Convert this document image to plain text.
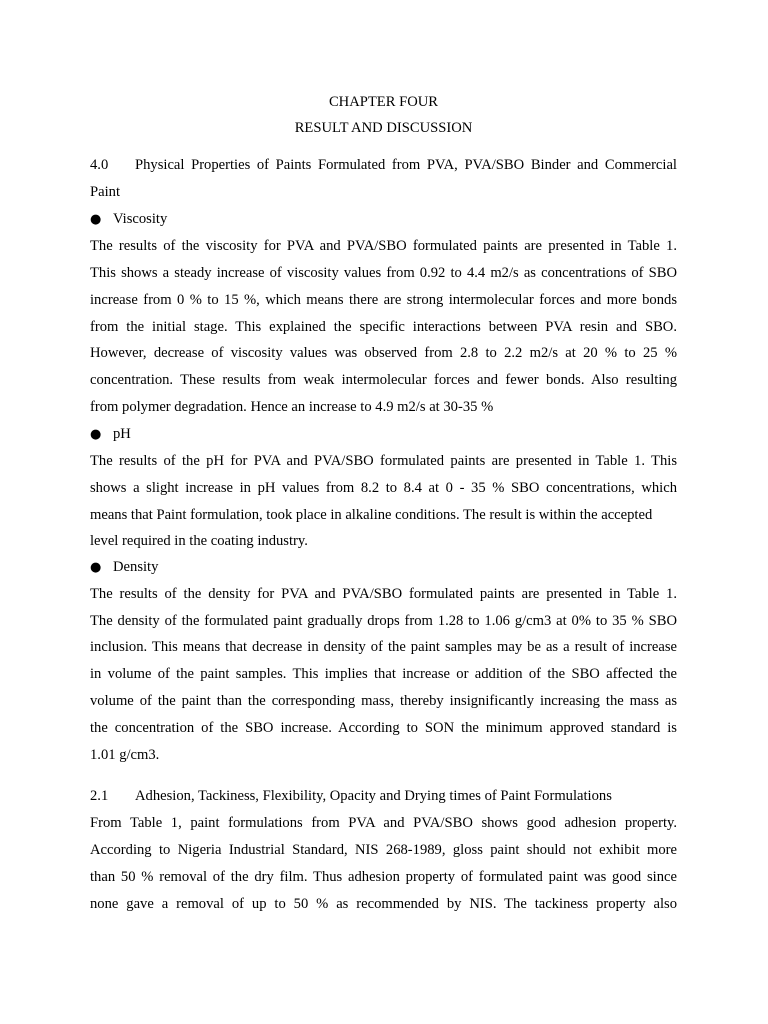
CHAPTER FOUR
RESULT AND DISCUSSION
4.0 Physical Properties of Paints Formulated from PVA, PVA/SBO Binder and Commercial
Paint
● Viscosity
The results of the viscosity for PVA and PVA/SBO formulated paints are presented in Table 1.
This shows a steady increase of viscosity values from 0.92 to 4.4 m2/s as concentrations of SBO
increase from 0 % to 15 %, which means there are strong intermolecular forces and more bonds
from the initial stage. This explained the specific interactions between PVA resin and SBO.
However, decrease of viscosity values was observed from 2.8 to 2.2 m2/s at 20 % to 25 %
concentration. These results from weak intermolecular forces and fewer bonds. Also resulting
from polymer degradation. Hence an increase to 4.9 m2/s at 30-35 %
● pH
The results of the pH for PVA and PVA/SBO formulated paints are presented in Table 1. This
shows a slight increase in pH values from 8.2 to 8.4 at 0 - 35 % SBO concentrations, which
means that Paint formulation, took place in alkaline conditions. The result is within the accepted
level required in the coating industry.
● Density
The results of the density for PVA and PVA/SBO formulated paints are presented in Table 1.
The density of the formulated paint gradually drops from 1.28 to 1.06 g/cm3 at 0% to 35 % SBO
inclusion. This means that decrease in density of the paint samples may be as a result of increase
in volume of the paint samples. This implies that increase or addition of the SBO affected the
volume of the paint than the corresponding mass, thereby insignificantly increasing the mass as
the concentration of the SBO increase. According to SON the minimum approved standard is
1.01 g/cm3.
2.1 Adhesion, Tackiness, Flexibility, Opacity and Drying times of Paint Formulations
From Table 1, paint formulations from PVA and PVA/SBO shows good adhesion property.
According to Nigeria Industrial Standard, NIS 268-1989, gloss paint should not exhibit more
than 50 % removal of the dry film. Thus adhesion property of formulated paint was good since
none gave a removal of up to 50 % as recommended by NIS. The tackiness property also
